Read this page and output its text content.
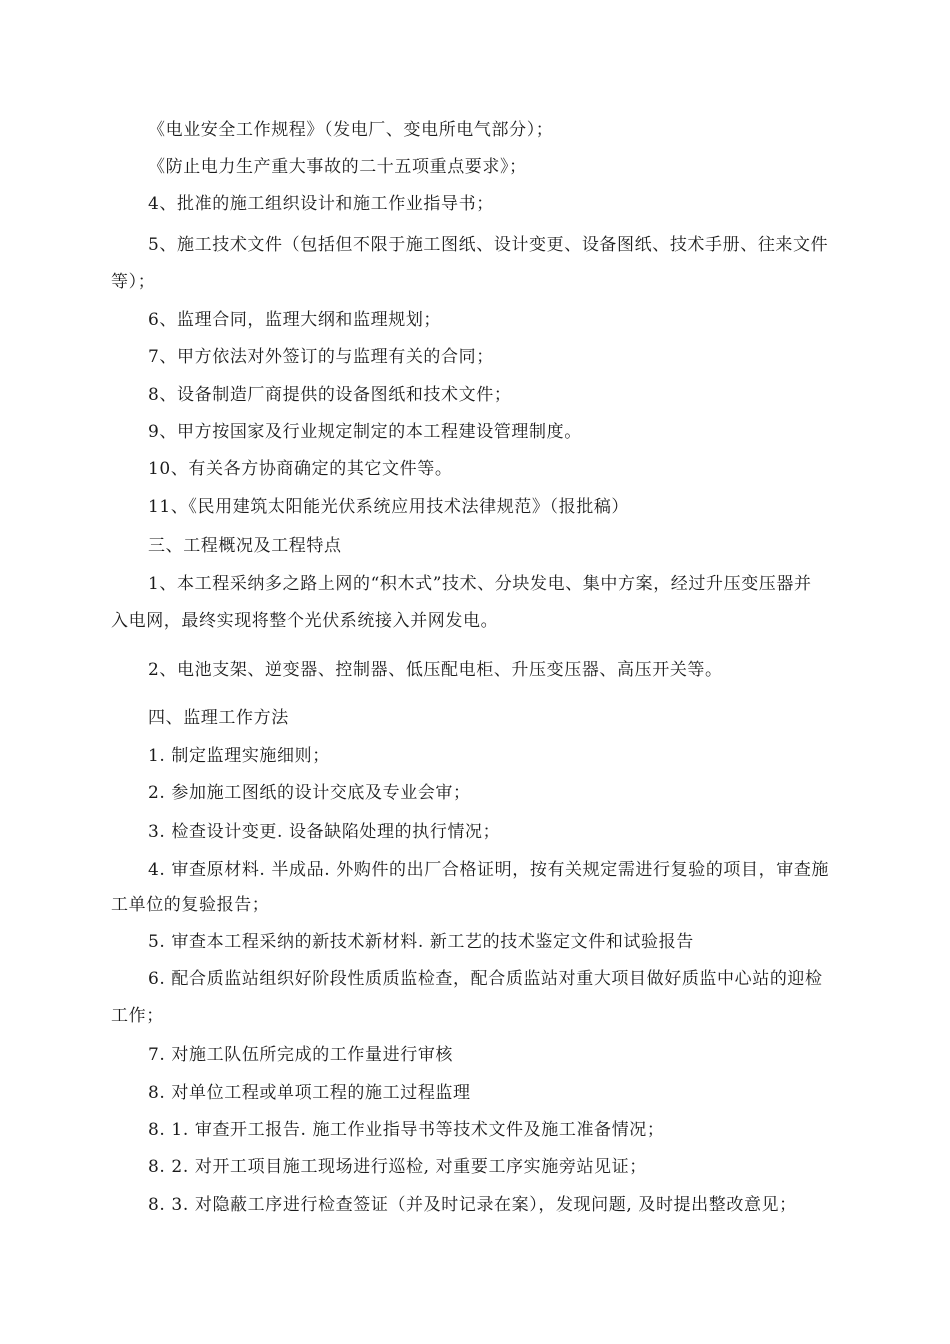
《电业安全工作规程》（发电厂、变电所电气部分）；
《防止电力生产重大事故的二十五项重点要求》；
4、批准的施工组织设计和施工作业指导书；
5、施工技术文件（包括但不限于施工图纸、设计变更、设备图纸、技术手册、往来文件
等）；
6、监理合同，监理大纲和监理规划；
7、甲方依法对外签订的与监理有关的合同；
8、设备制造厂商提供的设备图纸和技术文件；
9、甲方按国家及行业规定制定的本工程建设管理制度。
10、有关各方协商确定的其它文件等。
11、《民用建筑太阳能光伏系统应用技术法律规范》（报批稿）
三、工程概况及工程特点
1、本工程采纳多之路上网的“积木式”技术、分块发电、集中方案，经过升压变压器并
入电网，最终实现将整个光伏系统接入并网发电。
2、电池支架、逆变器、控制器、低压配电柜、升压变压器、高压开关等。
四、监理工作方法
1. 制定监理实施细则；
2. 参加施工图纸的设计交底及专业会审；
3. 检查设计变更. 设备缺陷处理的执行情况；
4. 审查原材料. 半成品. 外购件的出厂合格证明，按有关规定需进行复验的项目，审查施
工单位的复验报告；
5. 审查本工程采纳的新技术新材料. 新工艺的技术鉴定文件和试验报告
6. 配合质监站组织好阶段性质质监检查，配合质监站对重大项目做好质监中心站的迎检
工作；
7. 对施工队伍所完成的工作量进行审核
8. 对单位工程或单项工程的施工过程监理
8. 1. 审查开工报告. 施工作业指导书等技术文件及施工准备情况；
8. 2. 对开工项目施工现场进行巡检, 对重要工序实施旁站见证；
8. 3. 对隐蔽工序进行检查签证（并及时记录在案），发现问题, 及时提出整改意见；
